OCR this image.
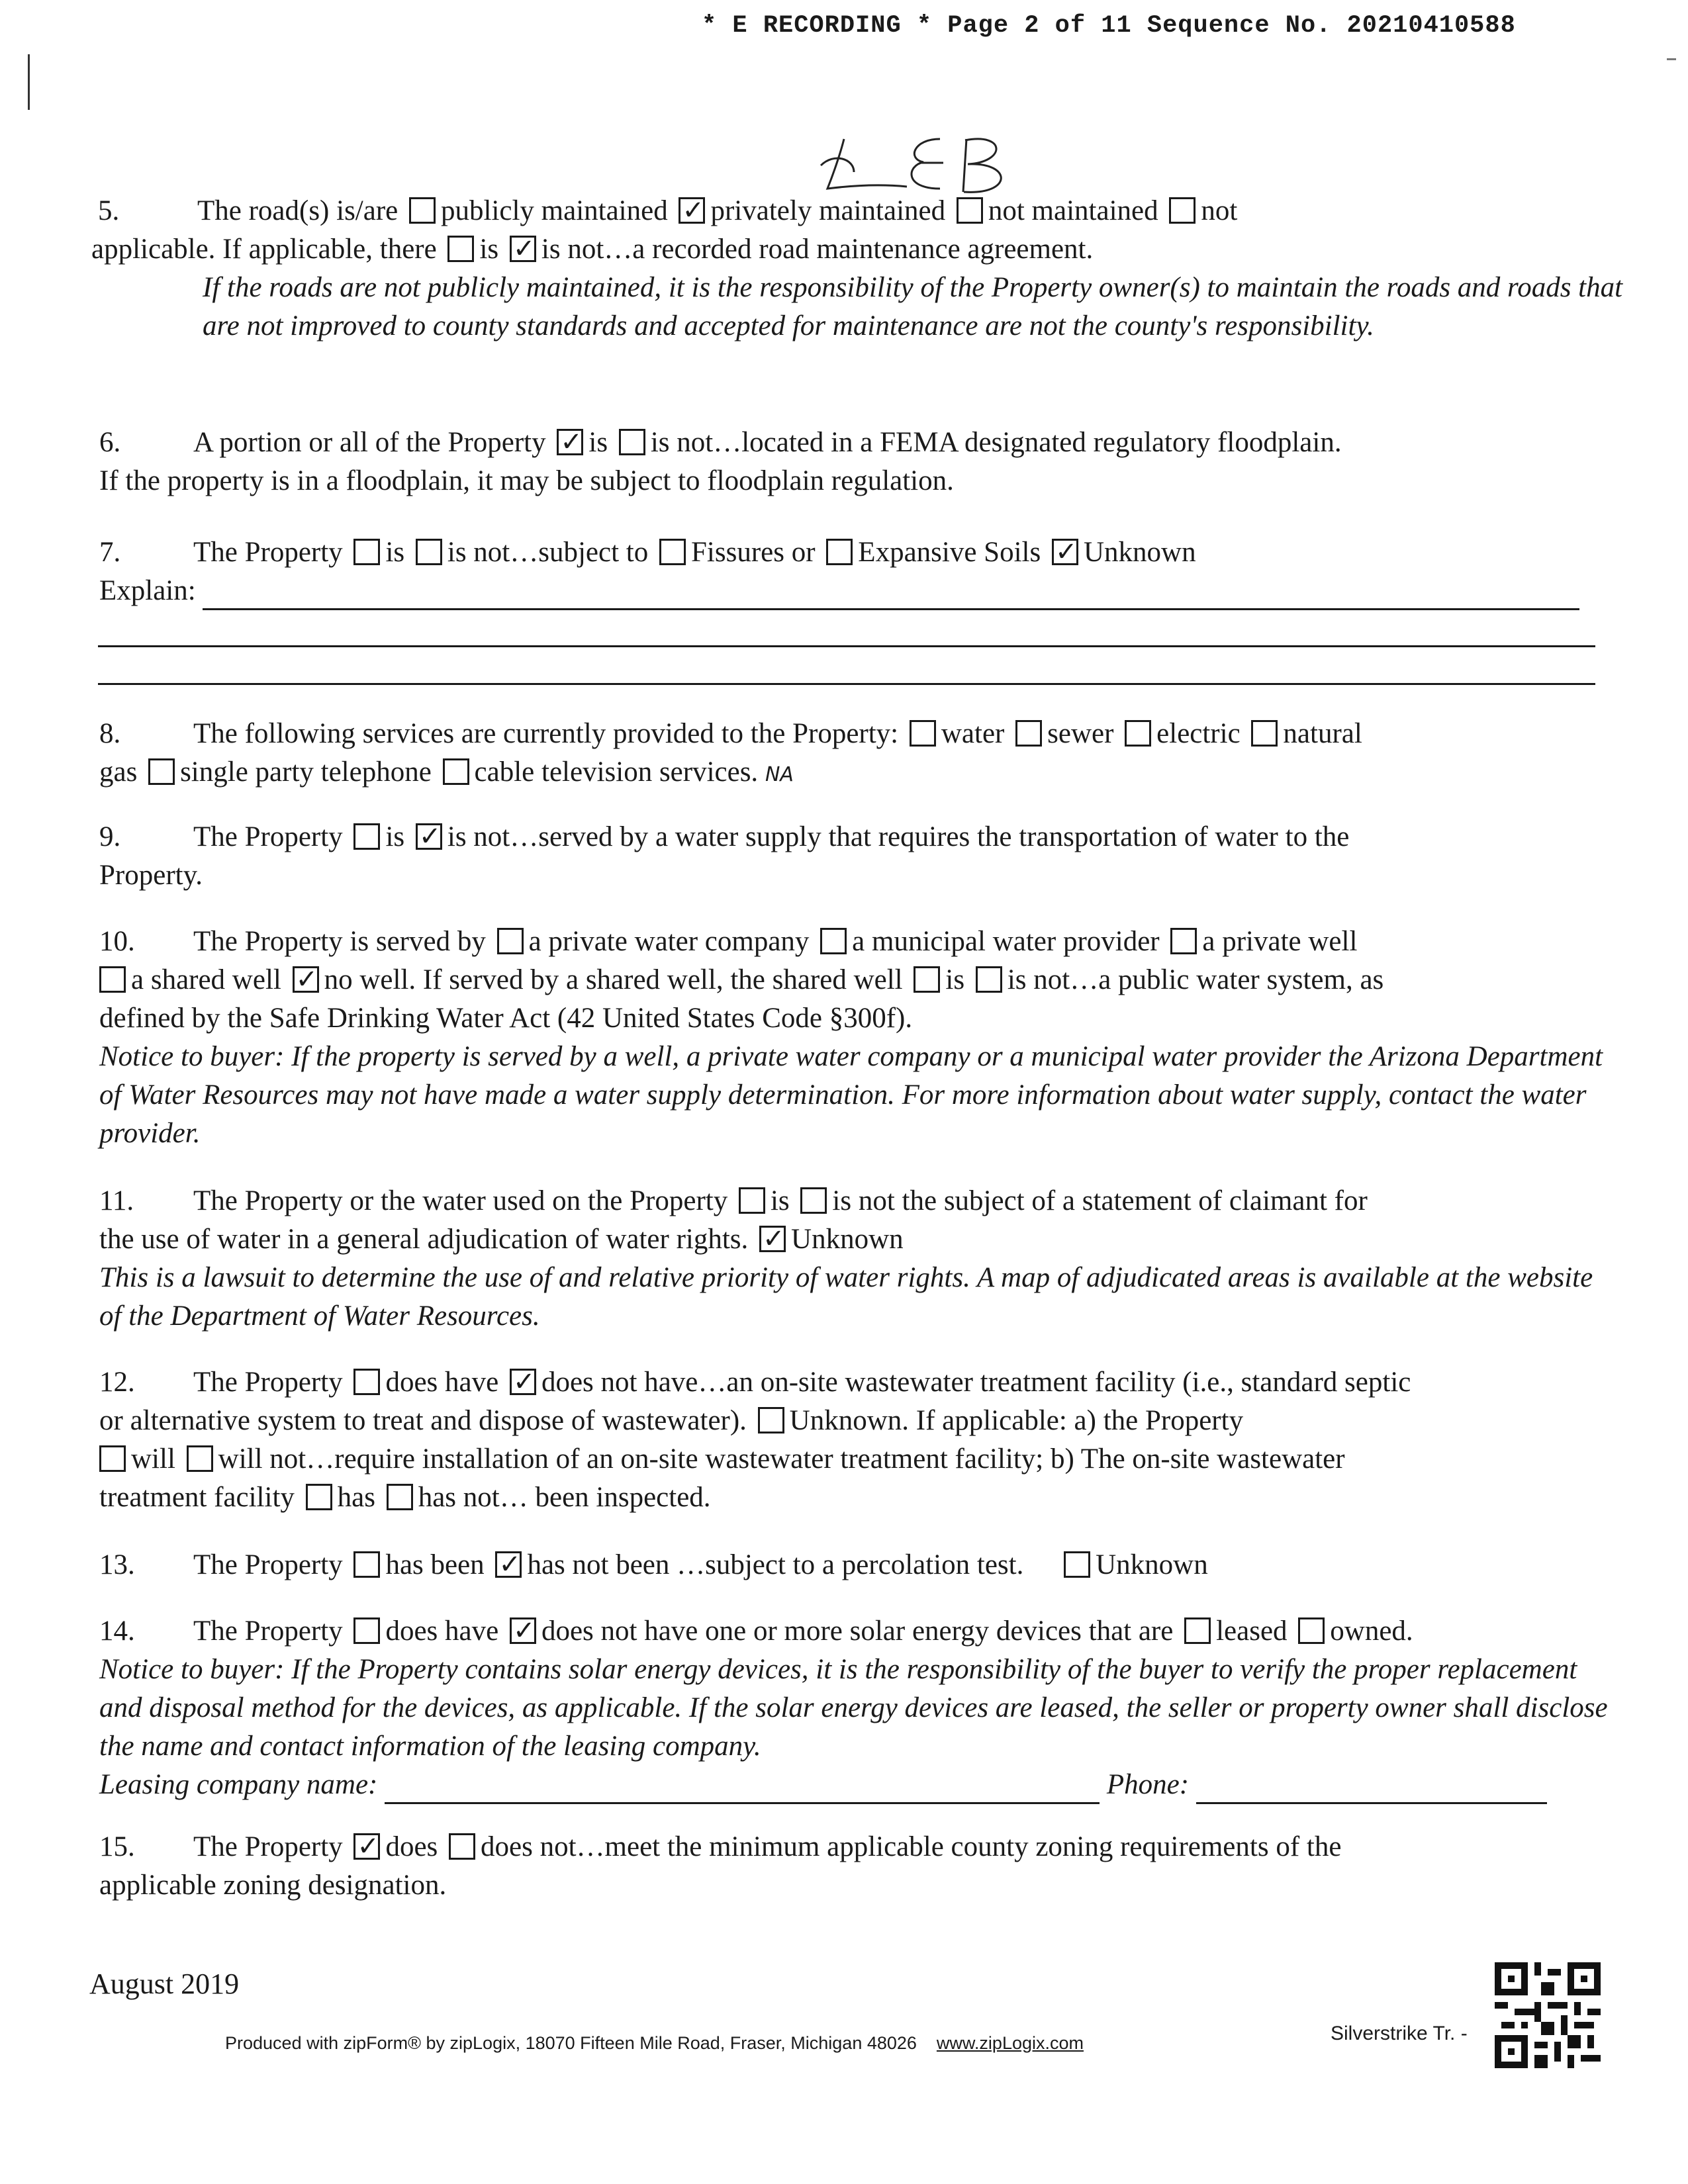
* E RECORDING * Page 2 of 11 Sequence No. 20210410588
5.	The road(s) is/are publicly maintained ✓ privately maintained not maintained not
applicable. If applicable, there is ✓ is not…a recorded road maintenance agreement.
If the roads are not publicly maintained, it is the responsibility of the Property owner(s) to maintain the roads and roads that are not improved to county standards and accepted for maintenance are not the county's responsibility.
6.	A portion or all of the Property ✓ is is not…located in a FEMA designated regulatory floodplain.
If the property is in a floodplain, it may be subject to floodplain regulation.
7.	The Property is is not…subject to Fissures or Expansive Soils ✓ Unknown
Explain:
8.	The following services are currently provided to the Property: water sewer electric natural
gas single party telephone cable television services. NA
9.	The Property is ✓ is not…served by a water supply that requires the transportation of water to the
Property.
10. The Property is served by a private water company a municipal water provider a private well
a shared well ✓ no well. If served by a shared well, the shared well is is not…a public water system, as
defined by the Safe Drinking Water Act (42 United States Code §300f).
Notice to buyer: If the property is served by a well, a private water company or a municipal water provider the Arizona Department of Water Resources may not have made a water supply determination. For more information about water supply, contact the water provider.
11. The Property or the water used on the Property is is not the subject of a statement of claimant for
the use of water in a general adjudication of water rights. ✓ Unknown
This is a lawsuit to determine the use of and relative priority of water rights. A map of adjudicated areas is available at the website of the Department of Water Resources.
12. The Property does have ✓ does not have…an on-site wastewater treatment facility (i.e., standard septic
or alternative system to treat and dispose of wastewater). Unknown. If applicable: a) the Property
will will not…require installation of an on-site wastewater treatment facility; b) The on-site wastewater
treatment facility has has not… been inspected.
13. The Property has been ✓ has not been …subject to a percolation test.	Unknown
14. The Property does have ✓ does not have one or more solar energy devices that are leased owned.
Notice to buyer: If the Property contains solar energy devices, it is the responsibility of the buyer to verify the proper replacement and disposal method for the devices, as applicable. If the solar energy devices are leased, the seller or property owner shall disclose the name and contact information of the leasing company.
Leasing company name:	Phone:
15. The Property ✓ does does not…meet the minimum applicable county zoning requirements of the
applicable zoning designation.
August 2019
Produced with zipForm® by zipLogix, 18070 Fifteen Mile Road, Fraser, Michigan 48026 www.zipLogix.com	Silverstrike Tr. -
